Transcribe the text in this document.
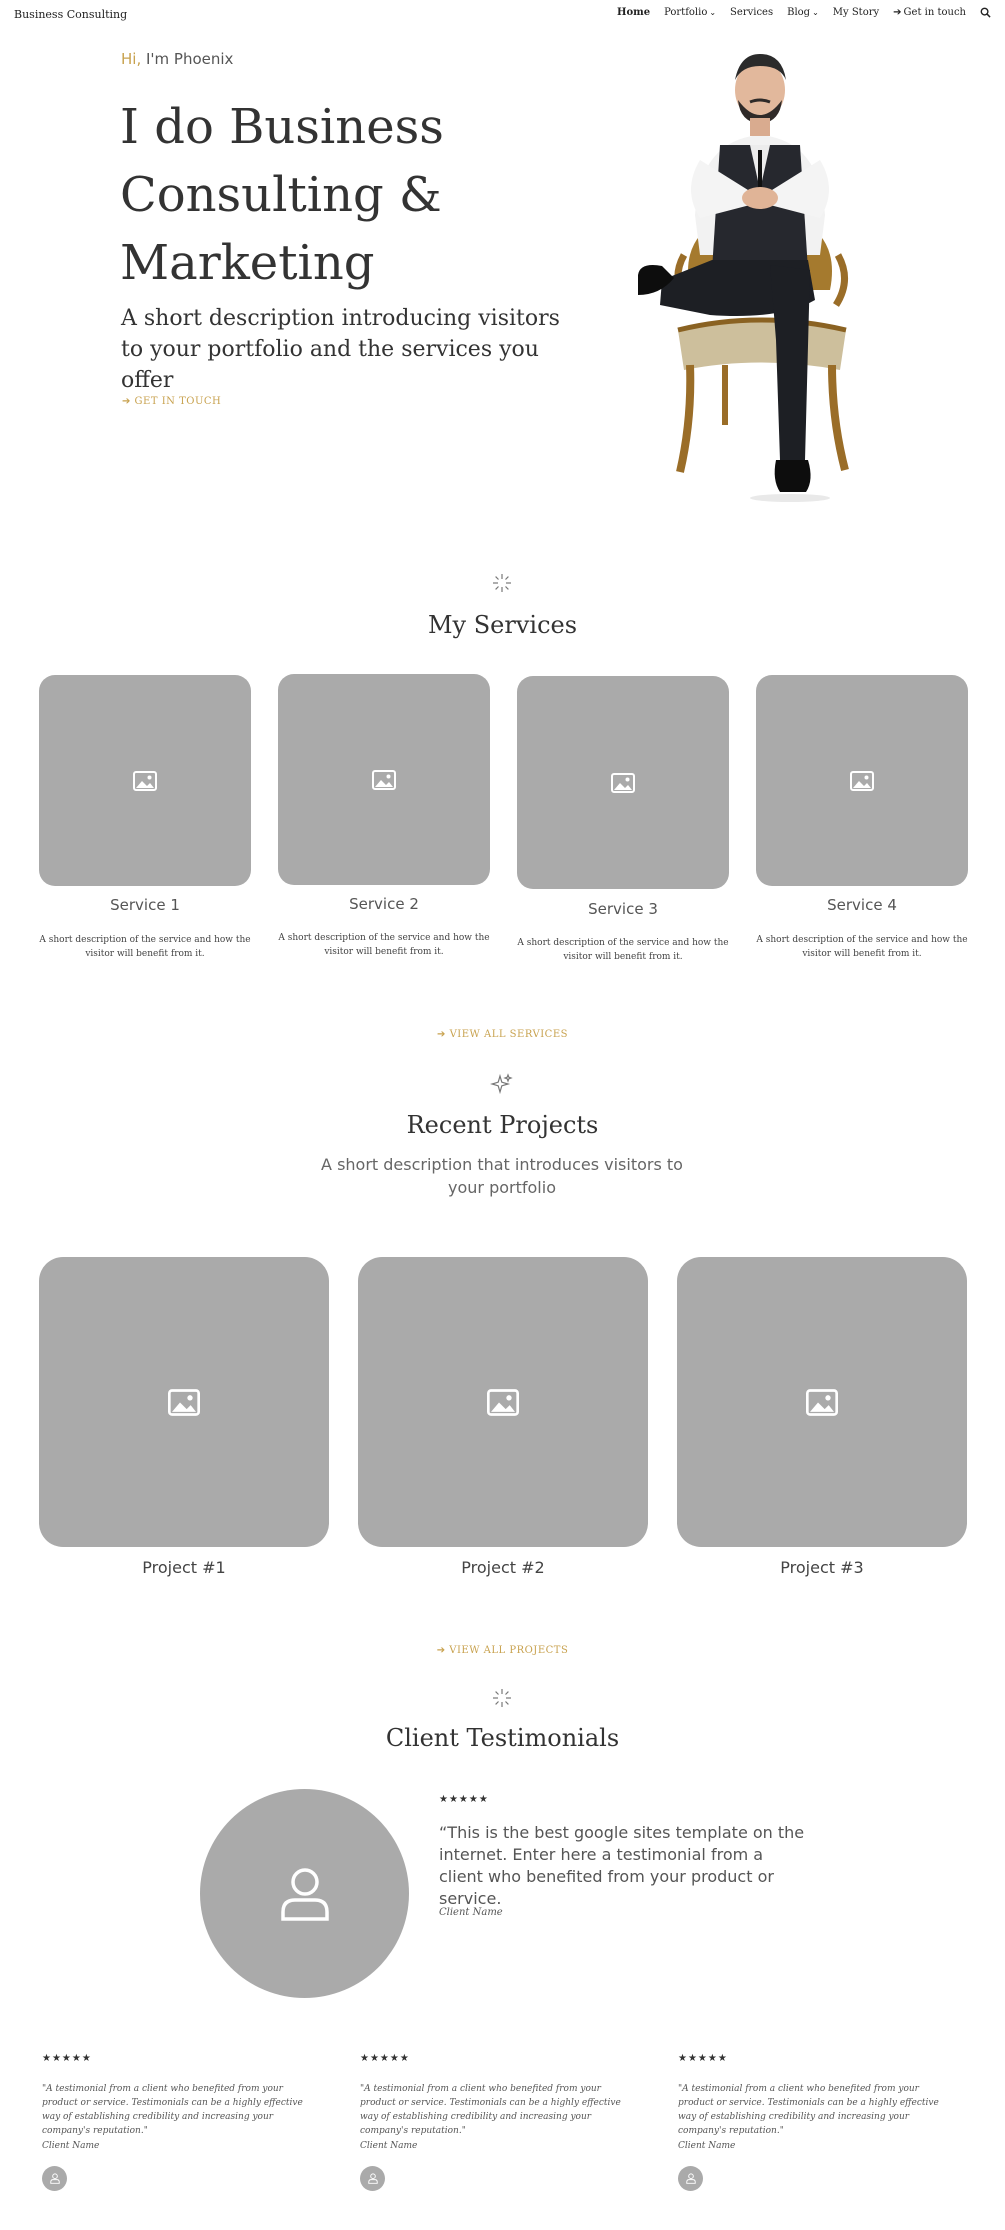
Business Consulting	Home Portfolio ⌄ Services Blog ⌄ My Story ➔ Get in touch
Hi, I'm Phoenix
I do Business Consulting & Marketing
A short description introducing visitors to your portfolio and the services you offer
➔ GET IN TOUCH
My Services
Service 1	Service 2	Service 3	Service 4
A short description of the service and how the visitor will benefit from it.
A short description of the service and how the visitor will benefit from it.
A short description of the service and how the visitor will benefit from it.
A short description of the service and how the visitor will benefit from it.
➔ VIEW ALL SERVICES
Recent Projects
A short description that introduces visitors to your portfolio
Project #1	Project #2	Project #3
➔ VIEW ALL PROJECTS
Client Testimonials
★★★★★
“This is the best google sites template on the internet. Enter here a testimonial from a client who benefited from your product or service.
Client Name
★★★★★
"A testimonial from a client who benefited from your product or service. Testimonials can be a highly effective way of establishing credibility and increasing your company's reputation."
Client Name
★★★★★
"A testimonial from a client who benefited from your product or service. Testimonials can be a highly effective way of establishing credibility and increasing your company's reputation."
Client Name
★★★★★
"A testimonial from a client who benefited from your product or service. Testimonials can be a highly effective way of establishing credibility and increasing your company's reputation."
Client Name
